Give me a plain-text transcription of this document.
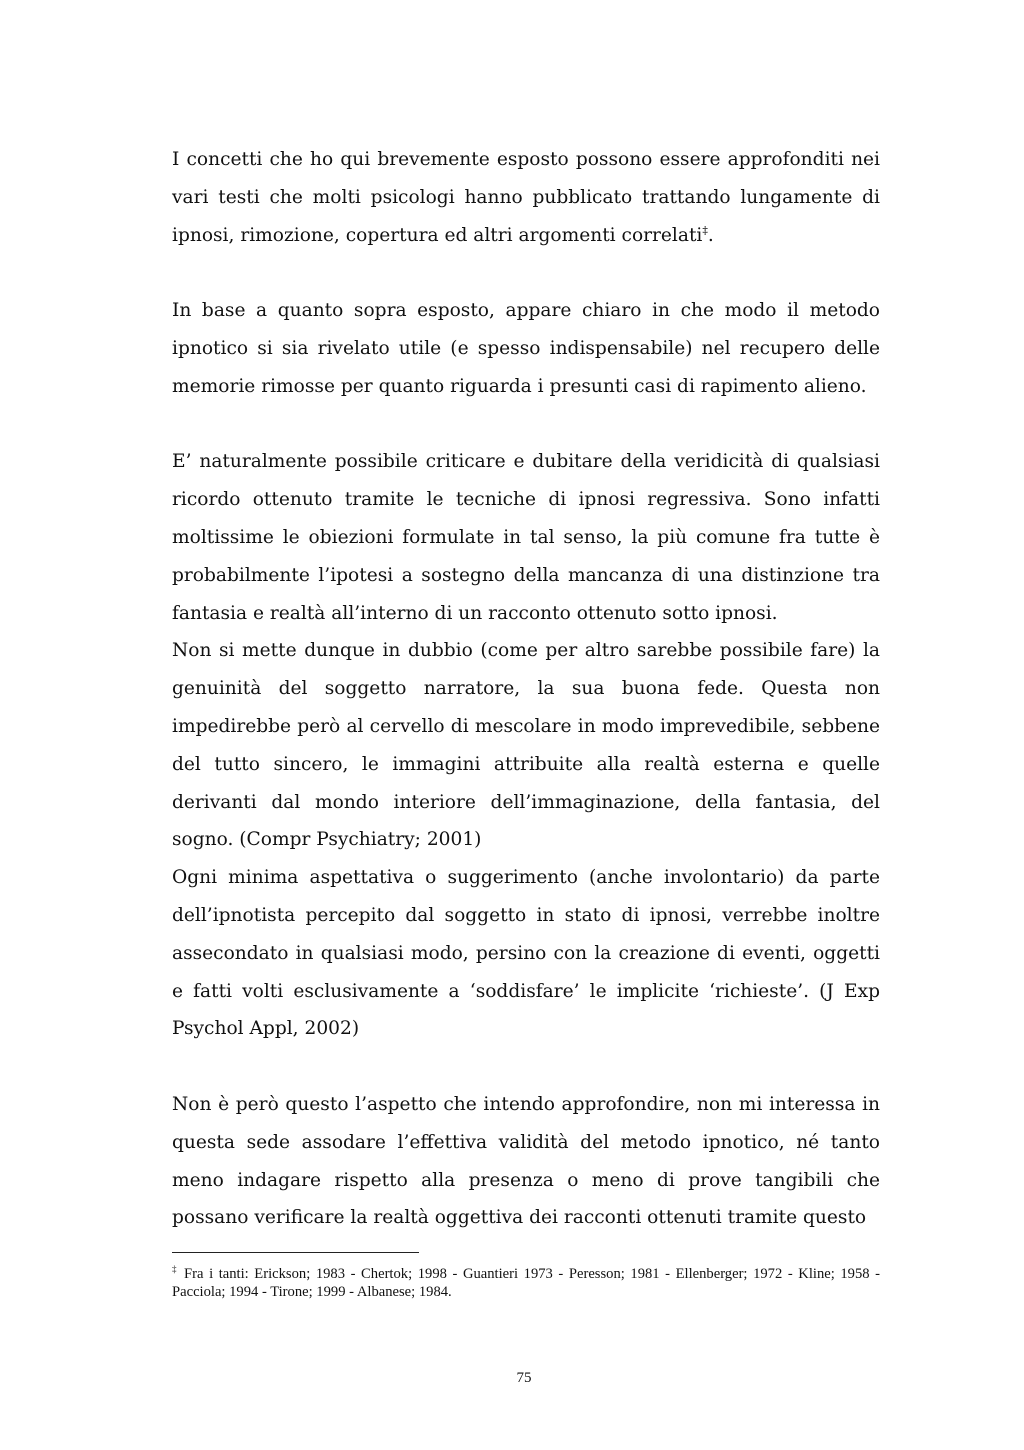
I concetti che ho qui brevemente esposto possono essere approfonditi nei vari testi che molti psicologi hanno pubblicato trattando lungamente di ipnosi, rimozione, copertura ed altri argomenti correlati‡.

In base a quanto sopra esposto, appare chiaro in che modo il metodo ipnotico si sia rivelato utile (e spesso indispensabile) nel recupero delle memorie rimosse per quanto riguarda i presunti casi di rapimento alieno.

E’ naturalmente possibile criticare e dubitare della veridicità di qualsiasi ricordo ottenuto tramite le tecniche di ipnosi regressiva. Sono infatti moltissime le obiezioni formulate in tal senso, la più comune fra tutte è probabilmente l’ipotesi a sostegno della mancanza di una distinzione tra fantasia e realtà all’interno di un racconto ottenuto sotto ipnosi.

Non si mette dunque in dubbio (come per altro sarebbe possibile fare) la genuinità del soggetto narratore, la sua buona fede. Questa non impedirebbe però al cervello di mescolare in modo imprevedibile, sebbene del tutto sincero, le immagini attribuite alla realtà esterna e quelle derivanti dal mondo interiore dell’immaginazione, della fantasia, del sogno. (Compr Psychiatry; 2001)

Ogni minima aspettativa o suggerimento (anche involontario) da parte dell’ipnotista percepito dal soggetto in stato di ipnosi, verrebbe inoltre assecondato in qualsiasi modo, persino con la creazione di eventi, oggetti e fatti volti esclusivamente a ‘soddisfare’ le implicite ‘richieste’. (J Exp Psychol Appl, 2002)

Non è però questo l’aspetto che intendo approfondire, non mi interessa in questa sede assodare l’effettiva validità del metodo ipnotico, né tanto meno indagare rispetto alla presenza o meno di prove tangibili che possano verificare la realtà oggettiva dei racconti ottenuti tramite questo

‡ Fra i tanti: Erickson; 1983 - Chertok; 1998 - Guantieri 1973 - Peresson; 1981 - Ellenberger; 1972 - Kline; 1958 - Pacciola; 1994 - Tirone; 1999 - Albanese; 1984.
75
